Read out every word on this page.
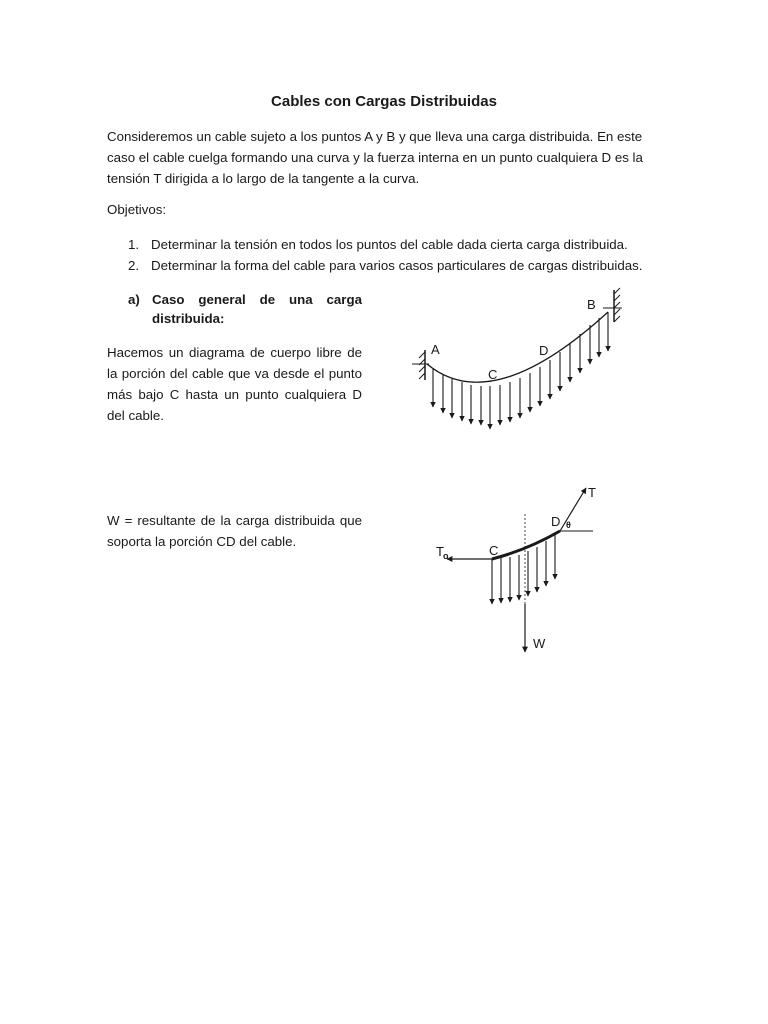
Cables con Cargas Distribuidas

Consideremos un cable sujeto a los puntos A y B y que lleva una carga distribuida. En este caso el cable cuelga formando una curva y la fuerza interna en un punto cualquiera D es la tensión T dirigida a lo largo de la tangente a la curva.

Objetivos:

1. Determinar la tensión en todos los puntos del cable dada cierta carga distribuida.
2. Determinar la forma del cable para varios casos particulares de cargas distribuidas.
a) Caso general de una carga distribuida:

Hacemos un diagrama de cuerpo libre de la porción del cable que va desde el punto más bajo C hasta un punto cualquiera D del cable.

W = resultante de la carga distribuida que soporta la porción CD del cable.

A
B
C
D
T
D θ
T o	C
W
